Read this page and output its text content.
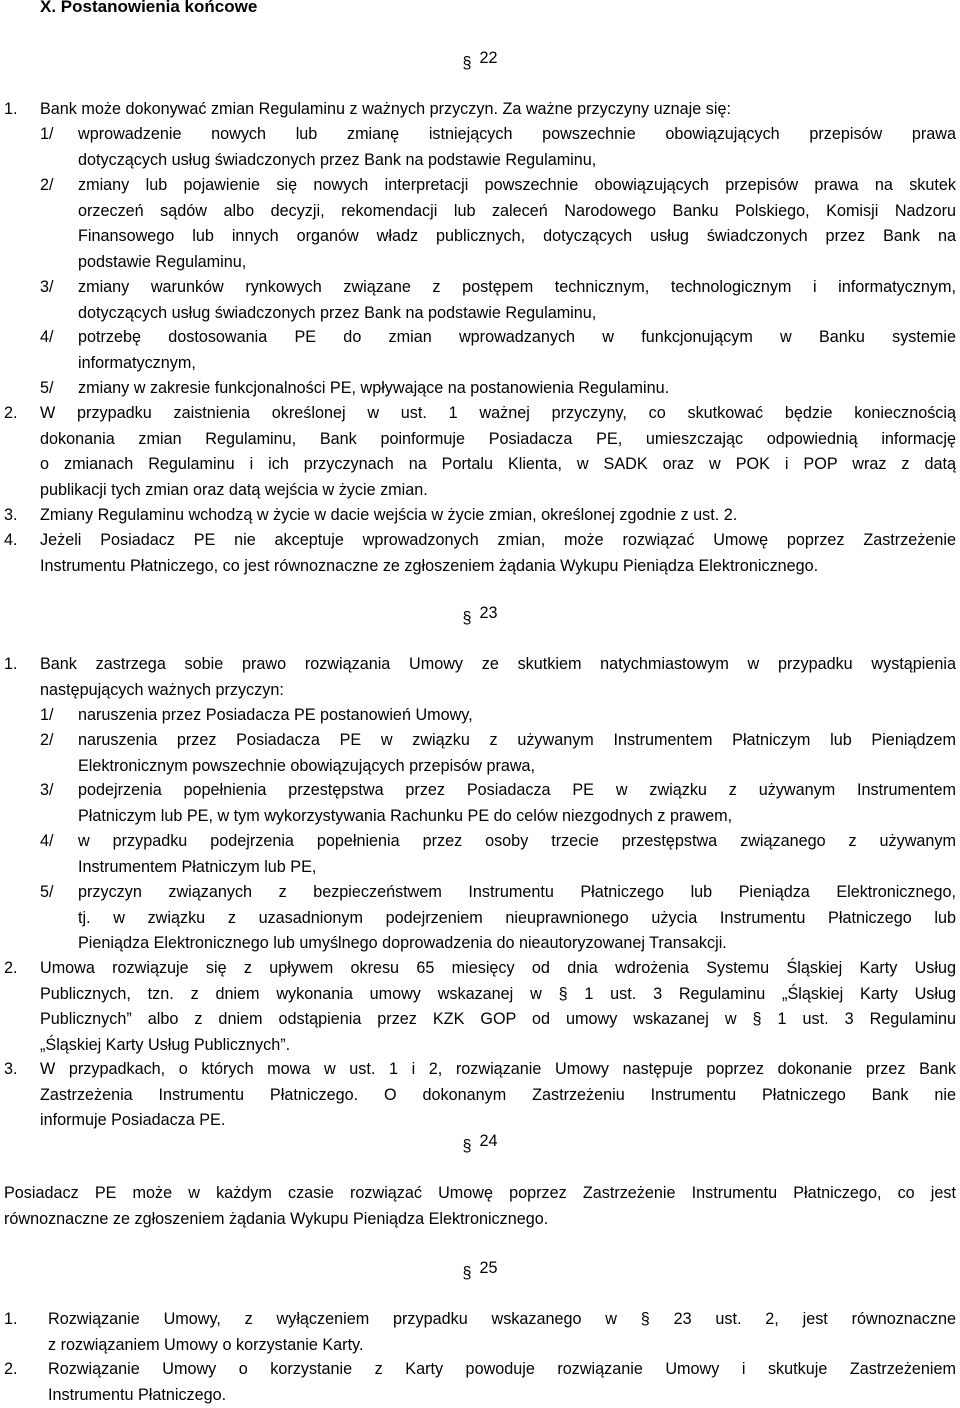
X. Postanowienia końcowe
§ 22
1. Bank może dokonywać zmian Regulaminu z ważnych przyczyn. Za ważne przyczyny uznaje się:
1/ wprowadzenie nowych lub zmianę istniejących powszechnie obowiązujących przepisów prawa
dotyczących usług świadczonych przez Bank na podstawie Regulaminu,
2/ zmiany lub pojawienie się nowych interpretacji powszechnie obowiązujących przepisów prawa na skutek
orzeczeń sądów albo decyzji, rekomendacji lub zaleceń Narodowego Banku Polskiego, Komisji Nadzoru
Finansowego lub innych organów władz publicznych, dotyczących usług świadczonych przez Bank na
podstawie Regulaminu,
3/ zmiany warunków rynkowych związane z postępem technicznym, technologicznym i informatycznym,
dotyczących usług świadczonych przez Bank na podstawie Regulaminu,
4/ potrzebę dostosowania PE do zmian wprowadzanych w funkcjonującym w Banku systemie
informatycznym,
5/ zmiany w zakresie funkcjonalności PE, wpływające na postanowienia Regulaminu.
2. W przypadku zaistnienia określonej w ust. 1 ważnej przyczyny, co skutkować będzie koniecznością
dokonania zmian Regulaminu, Bank poinformuje Posiadacza PE, umieszczając odpowiednią informację
o zmianach Regulaminu i ich przyczynach na Portalu Klienta, w SADK oraz w POK i POP wraz z datą
publikacji tych zmian oraz datą wejścia w życie zmian.
3. Zmiany Regulaminu wchodzą w życie w dacie wejścia w życie zmian, określonej zgodnie z ust. 2.
4. Jeżeli Posiadacz PE nie akceptuje wprowadzonych zmian, może rozwiązać Umowę poprzez Zastrzeżenie
Instrumentu Płatniczego, co jest równoznaczne ze zgłoszeniem żądania Wykupu Pieniądza Elektronicznego.
§ 23
1. Bank zastrzega sobie prawo rozwiązania Umowy ze skutkiem natychmiastowym w przypadku wystąpienia
następujących ważnych przyczyn:
1/ naruszenia przez Posiadacza PE postanowień Umowy,
2/ naruszenia przez Posiadacza PE w związku z używanym Instrumentem Płatniczym lub Pieniądzem
Elektronicznym powszechnie obowiązujących przepisów prawa,
3/ podejrzenia popełnienia przestępstwa przez Posiadacza PE w związku z używanym Instrumentem
Płatniczym lub PE, w tym wykorzystywania Rachunku PE do celów niezgodnych z prawem,
4/ w przypadku podejrzenia popełnienia przez osoby trzecie przestępstwa związanego z używanym
Instrumentem Płatniczym lub PE,
5/ przyczyn związanych z bezpieczeństwem Instrumentu Płatniczego lub Pieniądza Elektronicznego,
tj. w związku z uzasadnionym podejrzeniem nieuprawnionego użycia Instrumentu Płatniczego lub
Pieniądza Elektronicznego lub umyślnego doprowadzenia do nieautoryzowanej Transakcji.
2. Umowa rozwiązuje się z upływem okresu 65 miesięcy od dnia wdrożenia Systemu Śląskiej Karty Usług
Publicznych, tzn. z dniem wykonania umowy wskazanej w § 1 ust. 3 Regulaminu „Śląskiej Karty Usług
Publicznych” albo z dniem odstąpienia przez KZK GOP od umowy wskazanej w § 1 ust. 3 Regulaminu
„Śląskiej Karty Usług Publicznych”.
3. W przypadkach, o których mowa w ust. 1 i 2, rozwiązanie Umowy następuje poprzez dokonanie przez Bank
Zastrzeżenia Instrumentu Płatniczego. O dokonanym Zastrzeżeniu Instrumentu Płatniczego Bank nie
informuje Posiadacza PE.
§ 24
Posiadacz PE może w każdym czasie rozwiązać Umowę poprzez Zastrzeżenie Instrumentu Płatniczego, co jest
równoznaczne ze zgłoszeniem żądania Wykupu Pieniądza Elektronicznego.
§ 25
1. Rozwiązanie Umowy, z wyłączeniem przypadku wskazanego w § 23 ust. 2, jest równoznaczne
z rozwiązaniem Umowy o korzystanie Karty.
2. Rozwiązanie Umowy o korzystanie z Karty powoduje rozwiązanie Umowy i skutkuje Zastrzeżeniem
Instrumentu Płatniczego.
